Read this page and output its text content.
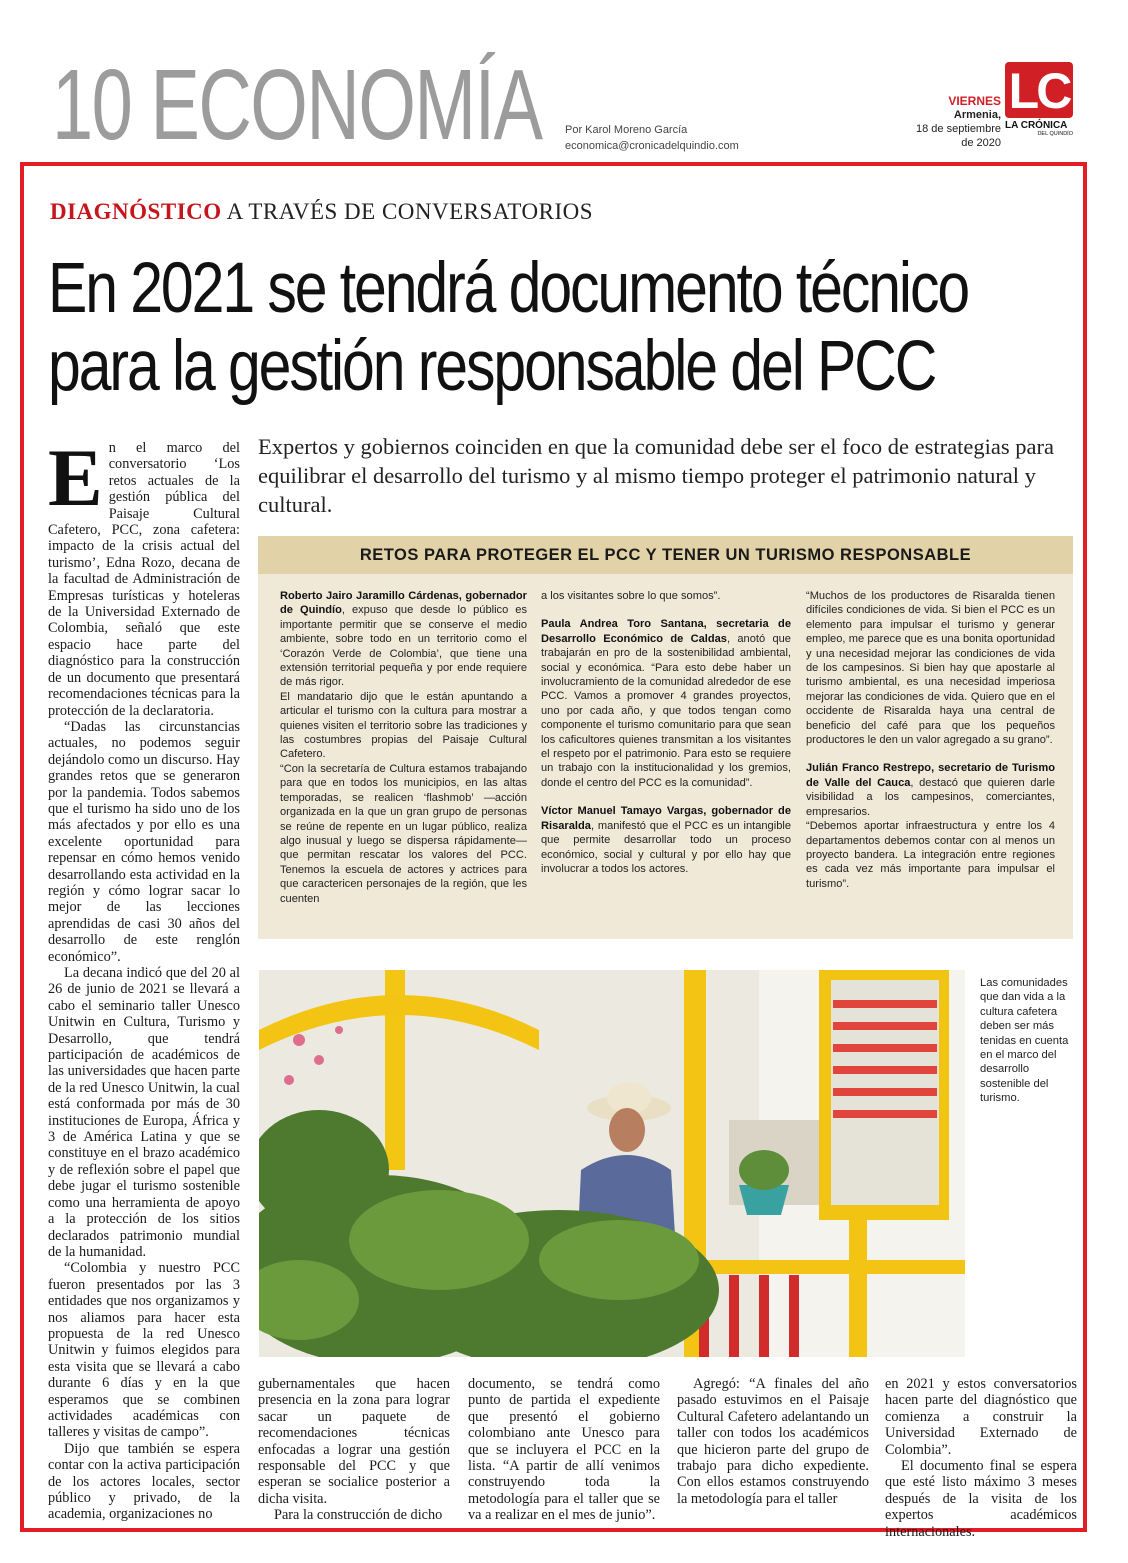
10 ECONOMÍA Por Karol Moreno García
economica@cronicadelquindio.com
VIERNES
Armenia,
18 de septiembre
de 2020
LC
LA CRÓNICA
DEL QUINDÍO
DIAGNÓSTICO A TRAVÉS DE CONVERSATORIOS
En 2021 se tendrá documento técnico
para la gestión responsable del PCC
Expertos y gobiernos coinciden en que la comunidad debe ser el foco de estrategias para equilibrar el desarrollo del turismo y al mismo tiempo proteger el patrimonio natural y cultural.

En el marco del conversatorio ‘Los retos actuales de la gestión pública del Paisaje Cultural Cafetero, PCC, zona cafetera: impacto de la crisis actual del turismo’, Edna Rozo, decana de la facultad de Administración de Empresas turísticas y hoteleras de la Universidad Externado de Colombia, señaló que este espacio hace parte del diagnóstico para la construcción de un documento que presentará recomendaciones técnicas para la protección de la declaratoria.

“Dadas las circunstancias actuales, no podemos seguir dejándolo como un discurso. Hay grandes retos que se generaron por la pandemia. Todos sabemos que el turismo ha sido uno de los más afectados y por ello es una excelente oportunidad para repensar en cómo hemos venido desarrollando esta actividad en la región y cómo lograr sacar lo mejor de las lecciones aprendidas de casi 30 años del desarrollo de este renglón económico”.

La decana indicó que del 20 al 26 de junio de 2021 se llevará a cabo el seminario taller Unesco Unitwin en Cultura, Turismo y Desarrollo, que tendrá participación de académicos de las universidades que hacen parte de la red Unesco Unitwin, la cual está conformada por más de 30 instituciones de Europa, África y 3 de América Latina y que se constituye en el brazo académico y de reflexión sobre el papel que debe jugar el turismo sostenible como una herramienta de apoyo a la protección de los sitios declarados patrimonio mundial de la humanidad.

“Colombia y nuestro PCC fueron presentados por las 3 entidades que nos organizamos y nos aliamos para hacer esta propuesta de la red Unesco Unitwin y fuimos elegidos para esta visita que se llevará a cabo durante 6 días y en la que esperamos que se combinen actividades académicas con talleres y visitas de campo”.

Dijo que también se espera contar con la activa participación de los actores locales, sector público y privado, de la academia, organizaciones no

RETOS PARA PROTEGER EL PCC Y TENER UN TURISMO RESPONSABLE

Roberto Jairo Jaramillo Cárdenas, gobernador de Quindío, expuso que desde lo público es importante permitir que se conserve el medio ambiente, sobre todo en un territorio como el ‘Corazón Verde de Colombia’, que tiene una extensión territorial pequeña y por ende requiere de más rigor.

El mandatario dijo que le están apuntando a articular el turismo con la cultura para mostrar a quienes visiten el territorio sobre las tradiciones y las costumbres propias del Paisaje Cultural Cafetero.

“Con la secretaría de Cultura estamos trabajando para que en todos los municipios, en las altas temporadas, se realicen ‘flashmob’ —acción organizada en la que un gran grupo de personas se reúne de repente en un lugar público, realiza algo inusual y luego se dispersa rápidamente— que permitan rescatar los valores del PCC. Tenemos la escuela de actores y actrices para que caractericen personajes de la región, que les cuenten

a los visitantes sobre lo que somos”.

Paula Andrea Toro Santana, secretaria de Desarrollo Económico de Caldas, anotó que trabajarán en pro de la sostenibilidad ambiental, social y económica. “Para esto debe haber un involucramiento de la comunidad alrededor de ese PCC. Vamos a promover 4 grandes proyectos, uno por cada año, y que todos tengan como componente el turismo comunitario para que sean los caficultores quienes transmitan a los visitantes el respeto por el patrimonio. Para esto se requiere un trabajo con la institucionalidad y los gremios, donde el centro del PCC es la comunidad”.

Víctor Manuel Tamayo Vargas, gobernador de Risaralda, manifestó que el PCC es un intangible que permite desarrollar todo un proceso económico, social y cultural y por ello hay que involucrar a todos los actores.

“Muchos de los productores de Risaralda tienen difíciles condiciones de vida. Si bien el PCC es un elemento para impulsar el turismo y generar empleo, me parece que es una bonita oportunidad y una necesidad mejorar las condiciones de vida de los campesinos. Si bien hay que apostarle al turismo ambiental, es una necesidad imperiosa mejorar las condiciones de vida. Quiero que en el occidente de Risaralda haya una central de beneficio del café para que los pequeños productores le den un valor agregado a su grano”.

Julián Franco Restrepo, secretario de Turismo de Valle del Cauca, destacó que quieren darle visibilidad a los campesinos, comerciantes, empresarios.

“Debemos aportar infraestructura y entre los 4 departamentos debemos contar con al menos un proyecto bandera. La integración entre regiones es cada vez más importante para impulsar el turismo”.

Las comunidades que dan vida a la cultura cafetera deben ser más tenidas en cuenta en el marco del desarrollo sostenible del turismo.

gubernamentales que hacen presencia en la zona para lograr sacar un paquete de recomendaciones técnicas enfocadas a lograr una gestión responsable del PCC y que esperan se socialice posterior a dicha visita.

Para la construcción de dicho

documento, se tendrá como punto de partida el expediente que presentó el gobierno colombiano ante Unesco para que se incluyera el PCC en la lista. “A partir de allí venimos construyendo toda la metodología para el taller que se va a realizar en el mes de junio”.

Agregó: “A finales del año pasado estuvimos en el Paisaje Cultural Cafetero adelantando un taller con todos los académicos que hicieron parte del grupo de trabajo para dicho expediente. Con ellos estamos construyendo la metodología para el taller

en 2021 y estos conversatorios hacen parte del diagnóstico que comienza a construir la Universidad Externado de Colombia”.

El documento final se espera que esté listo máximo 3 meses después de la visita de los expertos académicos internacionales.
